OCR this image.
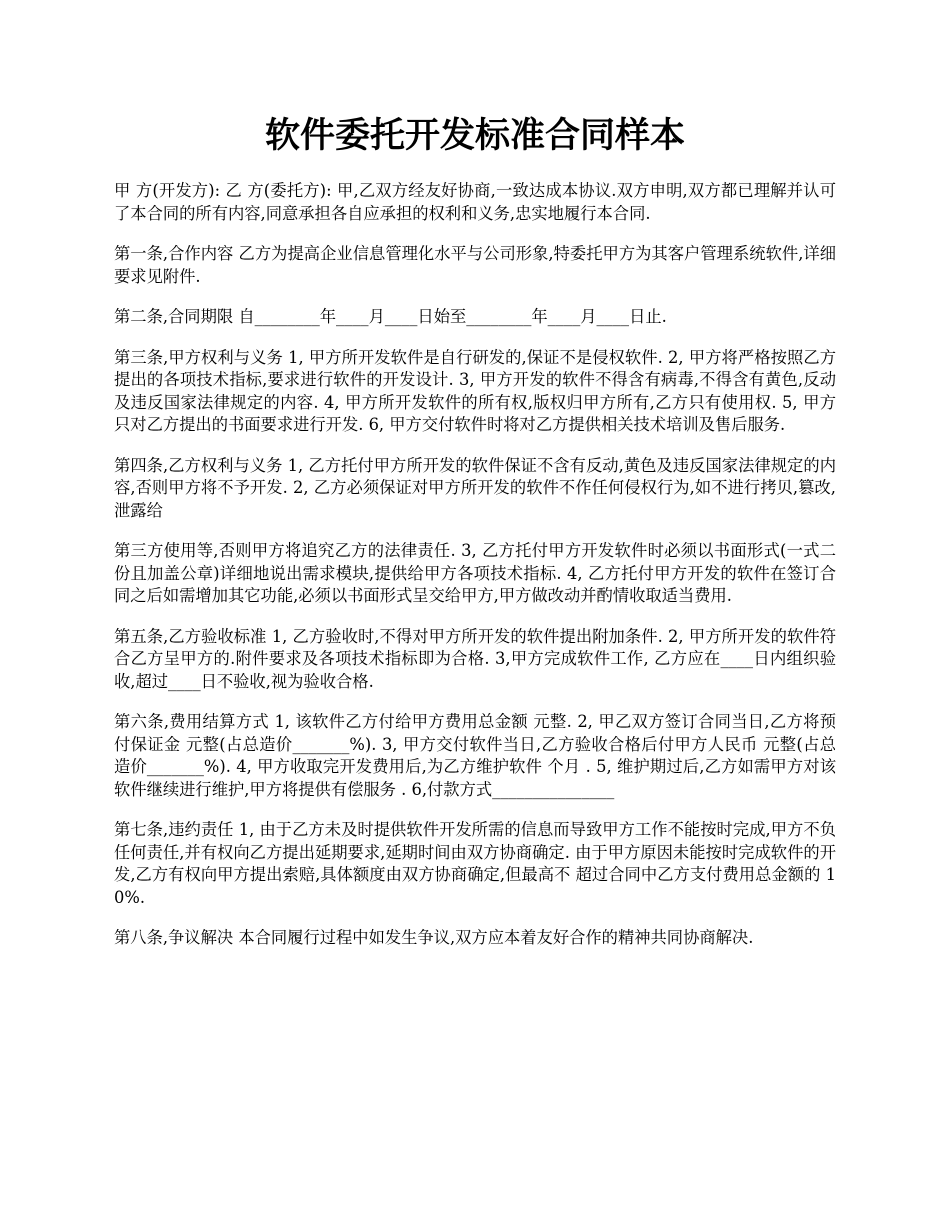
软件委托开发标准合同样本

甲 方(开发方): 乙 方(委托方): 甲,乙双方经友好协商,一致达成本协议.双方申明,双方都已理解并认可了本合同的所有内容,同意承担各自应承担的权利和义务,忠实地履行本合同.

第一条,合作内容 乙方为提高企业信息管理化水平与公司形象,特委托甲方为其客户管理系统软件,详细要求见附件.

第二条,合同期限 自________年____月____日始至________年____月____日止.

第三条,甲方权利与义务 1, 甲方所开发软件是自行研发的,保证不是侵权软件. 2, 甲方将严格按照乙方提出的各项技术指标,要求进行软件的开发设计. 3, 甲方开发的软件不得含有病毒,不得含有黄色,反动及违反国家法律规定的内容. 4, 甲方所开发软件的所有权,版权归甲方所有,乙方只有使用权. 5, 甲方只对乙方提出的书面要求进行开发. 6, 甲方交付软件时将对乙方提供相关技术培训及售后服务.

第四条,乙方权利与义务 1, 乙方托付甲方所开发的软件保证不含有反动,黄色及违反国家法律规定的内容,否则甲方将不予开发. 2, 乙方必须保证对甲方所开发的软件不作任何侵权行为,如不进行拷贝,篡改,泄露给

第三方使用等,否则甲方将追究乙方的法律责任. 3, 乙方托付甲方开发软件时必须以书面形式(一式二份且加盖公章)详细地说出需求模块,提供给甲方各项技术指标. 4, 乙方托付甲方开发的软件在签订合同之后如需增加其它功能,必须以书面形式呈交给甲方,甲方做改动并酌情收取适当费用.

第五条,乙方验收标准 1, 乙方验收时,不得对甲方所开发的软件提出附加条件. 2, 甲方所开发的软件符合乙方呈甲方的.附件要求及各项技术指标即为合格. 3,甲方完成软件工作, 乙方应在____日内组织验收,超过____日不验收,视为验收合格.

第六条,费用结算方式 1, 该软件乙方付给甲方费用总金额 元整. 2, 甲乙双方签订合同当日,乙方将预付保证金 元整(占总造价_______%). 3, 甲方交付软件当日,乙方验收合格后付甲方人民币 元整(占总造价_______%). 4, 甲方收取完开发费用后,为乙方维护软件 个月 . 5, 维护期过后,乙方如需甲方对该软件继续进行维护,甲方将提供有偿服务 . 6,付款方式_______________

第七条,违约责任 1, 由于乙方未及时提供软件开发所需的信息而导致甲方工作不能按时完成,甲方不负任何责任,并有权向乙方提出延期要求,延期时间由双方协商确定. 由于甲方原因未能按时完成软件的开发,乙方有权向甲方提出索赔,具体额度由双方协商确定,但最高不 超过合同中乙方支付费用总金额的 10%.

第八条,争议解决 本合同履行过程中如发生争议,双方应本着友好合作的精神共同协商解决.
